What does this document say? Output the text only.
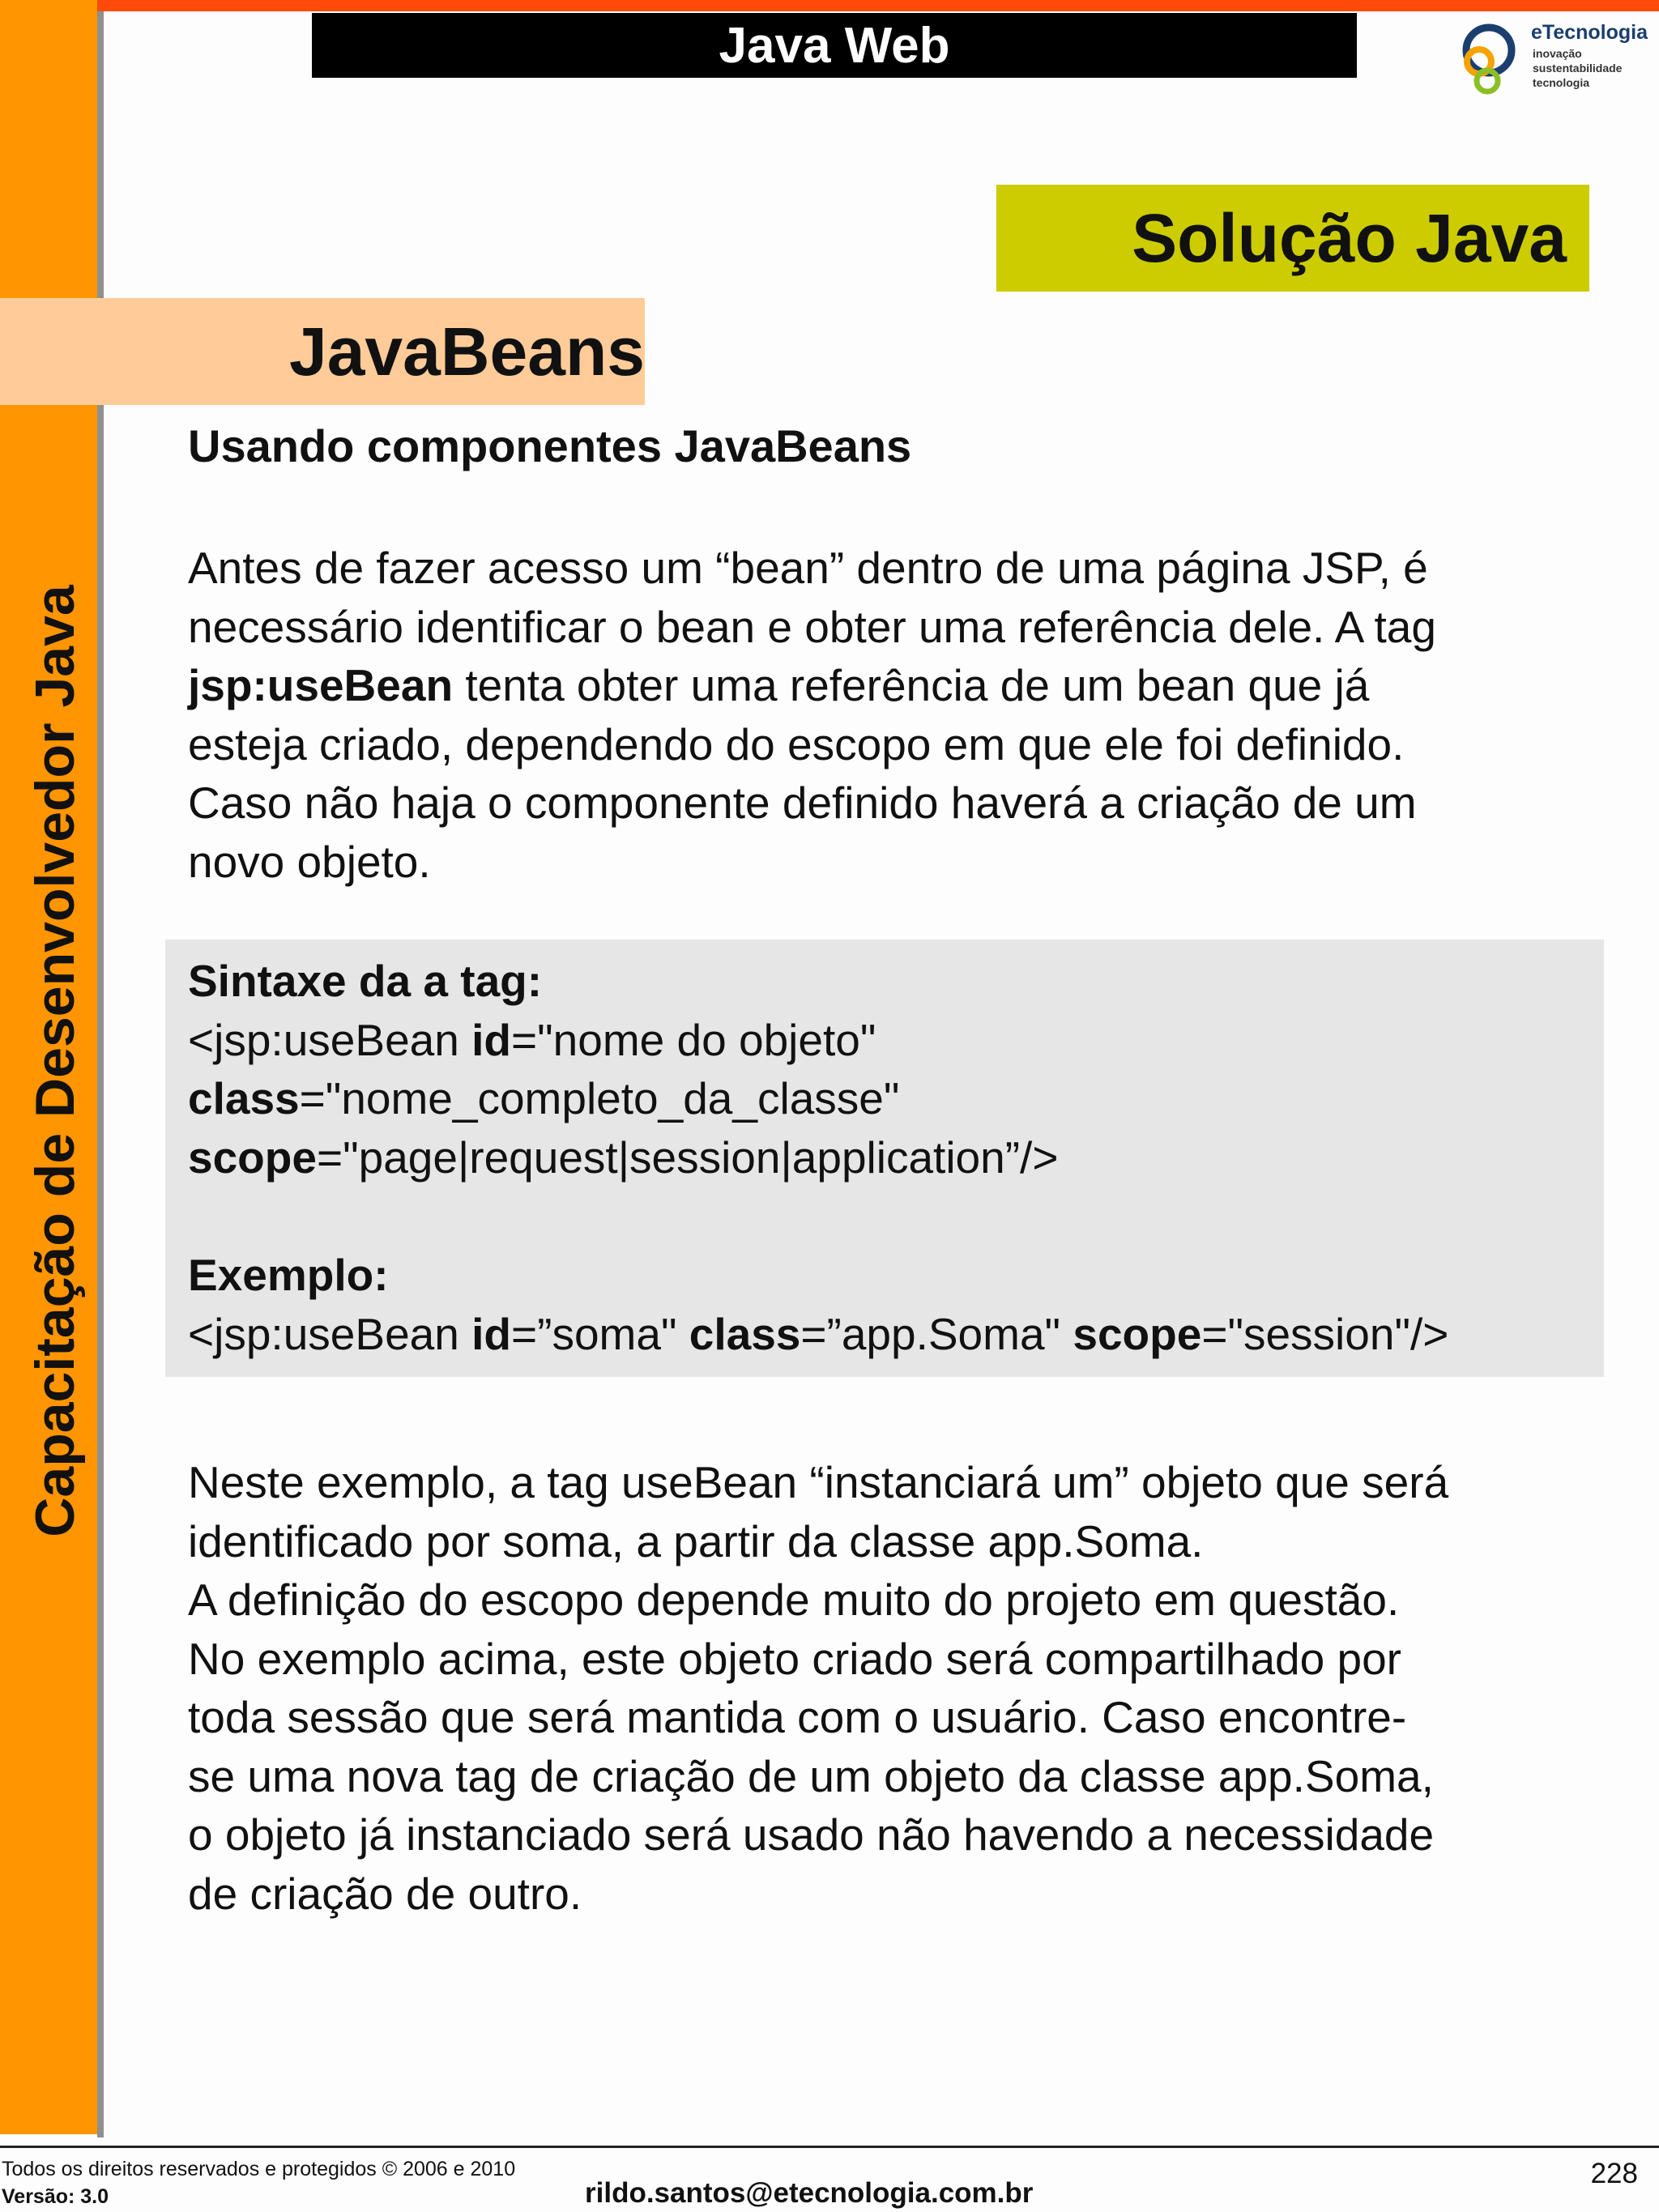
Capacitação de Desenvolvedor Java
Java Web	eTecnologia
inovação
sustentabilidade
tecnologia
Solução Java
JavaBeans

Usando componentes JavaBeans

Antes de fazer acesso um “bean” dentro de uma página JSP, é
necessário identificar o bean e obter uma referência dele. A tag
jsp:useBean tenta obter uma referência de um bean que já
esteja criado, dependendo do escopo em que ele foi definido.
Caso não haja o componente definido haverá a criação de um
novo objeto.
Sintaxe da a tag:
<jsp:useBean id="nome do objeto"
class="nome_completo_da_classe"
scope="page|request|session|application”/>
Exemplo:
<jsp:useBean id=”soma" class=”app.Soma" scope="session"/>
Neste exemplo, a tag useBean “instanciará um” objeto que será
identificado por soma, a partir da classe app.Soma.
A definição do escopo depende muito do projeto em questão.
No exemplo acima, este objeto criado será compartilhado por
toda sessão que será mantida com o usuário. Caso encontre-
se uma nova tag de criação de um objeto da classe app.Soma,
o objeto já instanciado será usado não havendo a necessidade
de criação de outro.
Todos os direitos reservados e protegidos © 2006 e 2010
Versão: 3.0	rildo.santos@etecnologia.com.br
228
